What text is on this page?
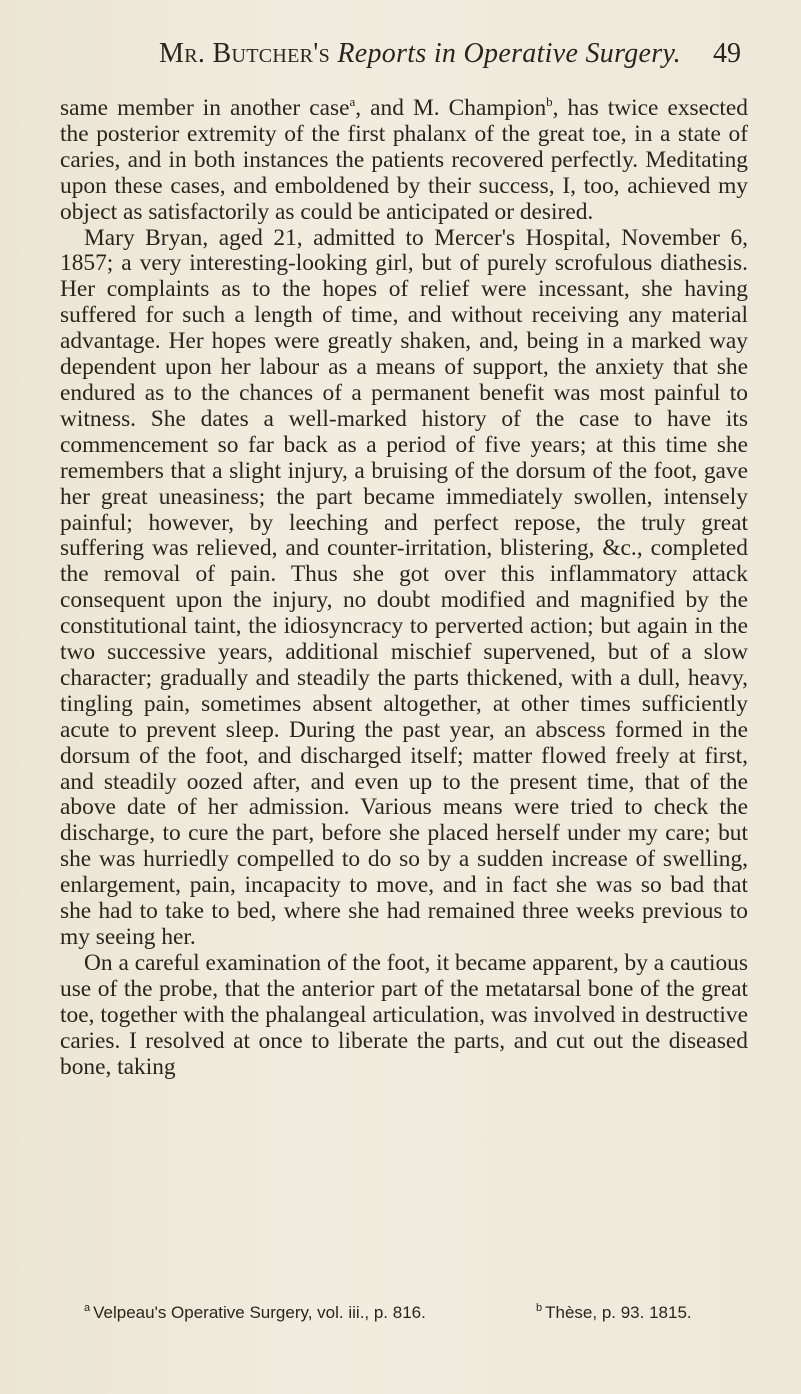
Mr. Butcher's Reports in Operative Surgery.	49

same member in another case$^a$, and M. Champion$^b$, has twice exsected the posterior extremity of the first phalanx of the great toe, in a state of caries, and in both instances the patients recovered perfectly. Meditating upon these cases, and emboldened by their success, I, too, achieved my object as satisfactorily as could be anticipated or desired.

Mary Bryan, aged 21, admitted to Mercer's Hospital, November 6, 1857; a very interesting-looking girl, but of purely scrofulous diathesis. Her complaints as to the hopes of relief were incessant, she having suffered for such a length of time, and without receiving any material advantage. Her hopes were greatly shaken, and, being in a marked way dependent upon her labour as a means of support, the anxiety that she endured as to the chances of a permanent benefit was most painful to witness. She dates a well-marked history of the case to have its commencement so far back as a period of five years; at this time she remembers that a slight injury, a bruising of the dorsum of the foot, gave her great uneasiness; the part became immediately swollen, intensely painful; however, by leeching and perfect repose, the truly great suffering was relieved, and counter-irritation, blistering, &c., completed the removal of pain. Thus she got over this inflammatory attack consequent upon the injury, no doubt modified and magnified by the constitutional taint, the idiosyncracy to perverted action; but again in the two successive years, additional mischief supervened, but of a slow character; gradually and steadily the parts thickened, with a dull, heavy, tingling pain, sometimes absent altogether, at other times sufficiently acute to prevent sleep. During the past year, an abscess formed in the dorsum of the foot, and discharged itself; matter flowed freely at first, and steadily oozed after, and even up to the present time, that of the above date of her admission. Various means were tried to check the discharge, to cure the part, before she placed herself under my care; but she was hurriedly compelled to do so by a sudden increase of swelling, enlargement, pain, incapacity to move, and in fact she was so bad that she had to take to bed, where she had remained three weeks previous to my seeing her.

On a careful examination of the foot, it became apparent, by a cautious use of the probe, that the anterior part of the metatarsal bone of the great toe, together with the phalangeal articulation, was involved in destructive caries. I resolved at once to liberate the parts, and cut out the diseased bone, taking

$^a$ Velpeau's Operative Surgery, vol. iii., p. 816.	$^b$ Thèse, p. 93. 1815.
